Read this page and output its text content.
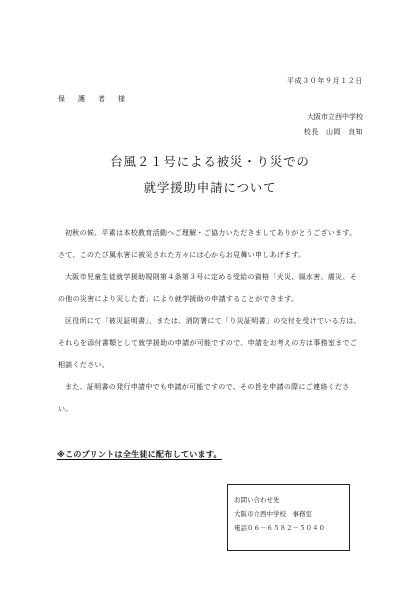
平成３０年９月１２日
保　護　者　様
大阪市立西中学校
校長　山岡　良知
台風２１号による被災・り災での
就学援助申請について

初秋の候、平素は本校教育活動へご理解・ご協力いただきましてありがとうございます。さて、このたび風水害に被災された方々には心からお見舞い申しあげます。

大阪市児童生徒就学援助規則第４条第３号に定める受給の資格「火災、風水害、震災、その他の災害により災した者」により就学援助の申請することができます。

区役所にて「被災証明書」、または、消防署にて「り災証明書」の交付を受けている方は、それらを添付書類として就学援助の申請が可能ですので、申請をお考えの方は事務室までご相談ください。

また、証明書の発行申請中でも申請が可能ですので、その旨を申請の際にご連絡ください。

※このプリントは全生徒に配布しています。
お問い合わせ先
大阪市立西中学校　事務室
電話０６－６５８２－５０４０
